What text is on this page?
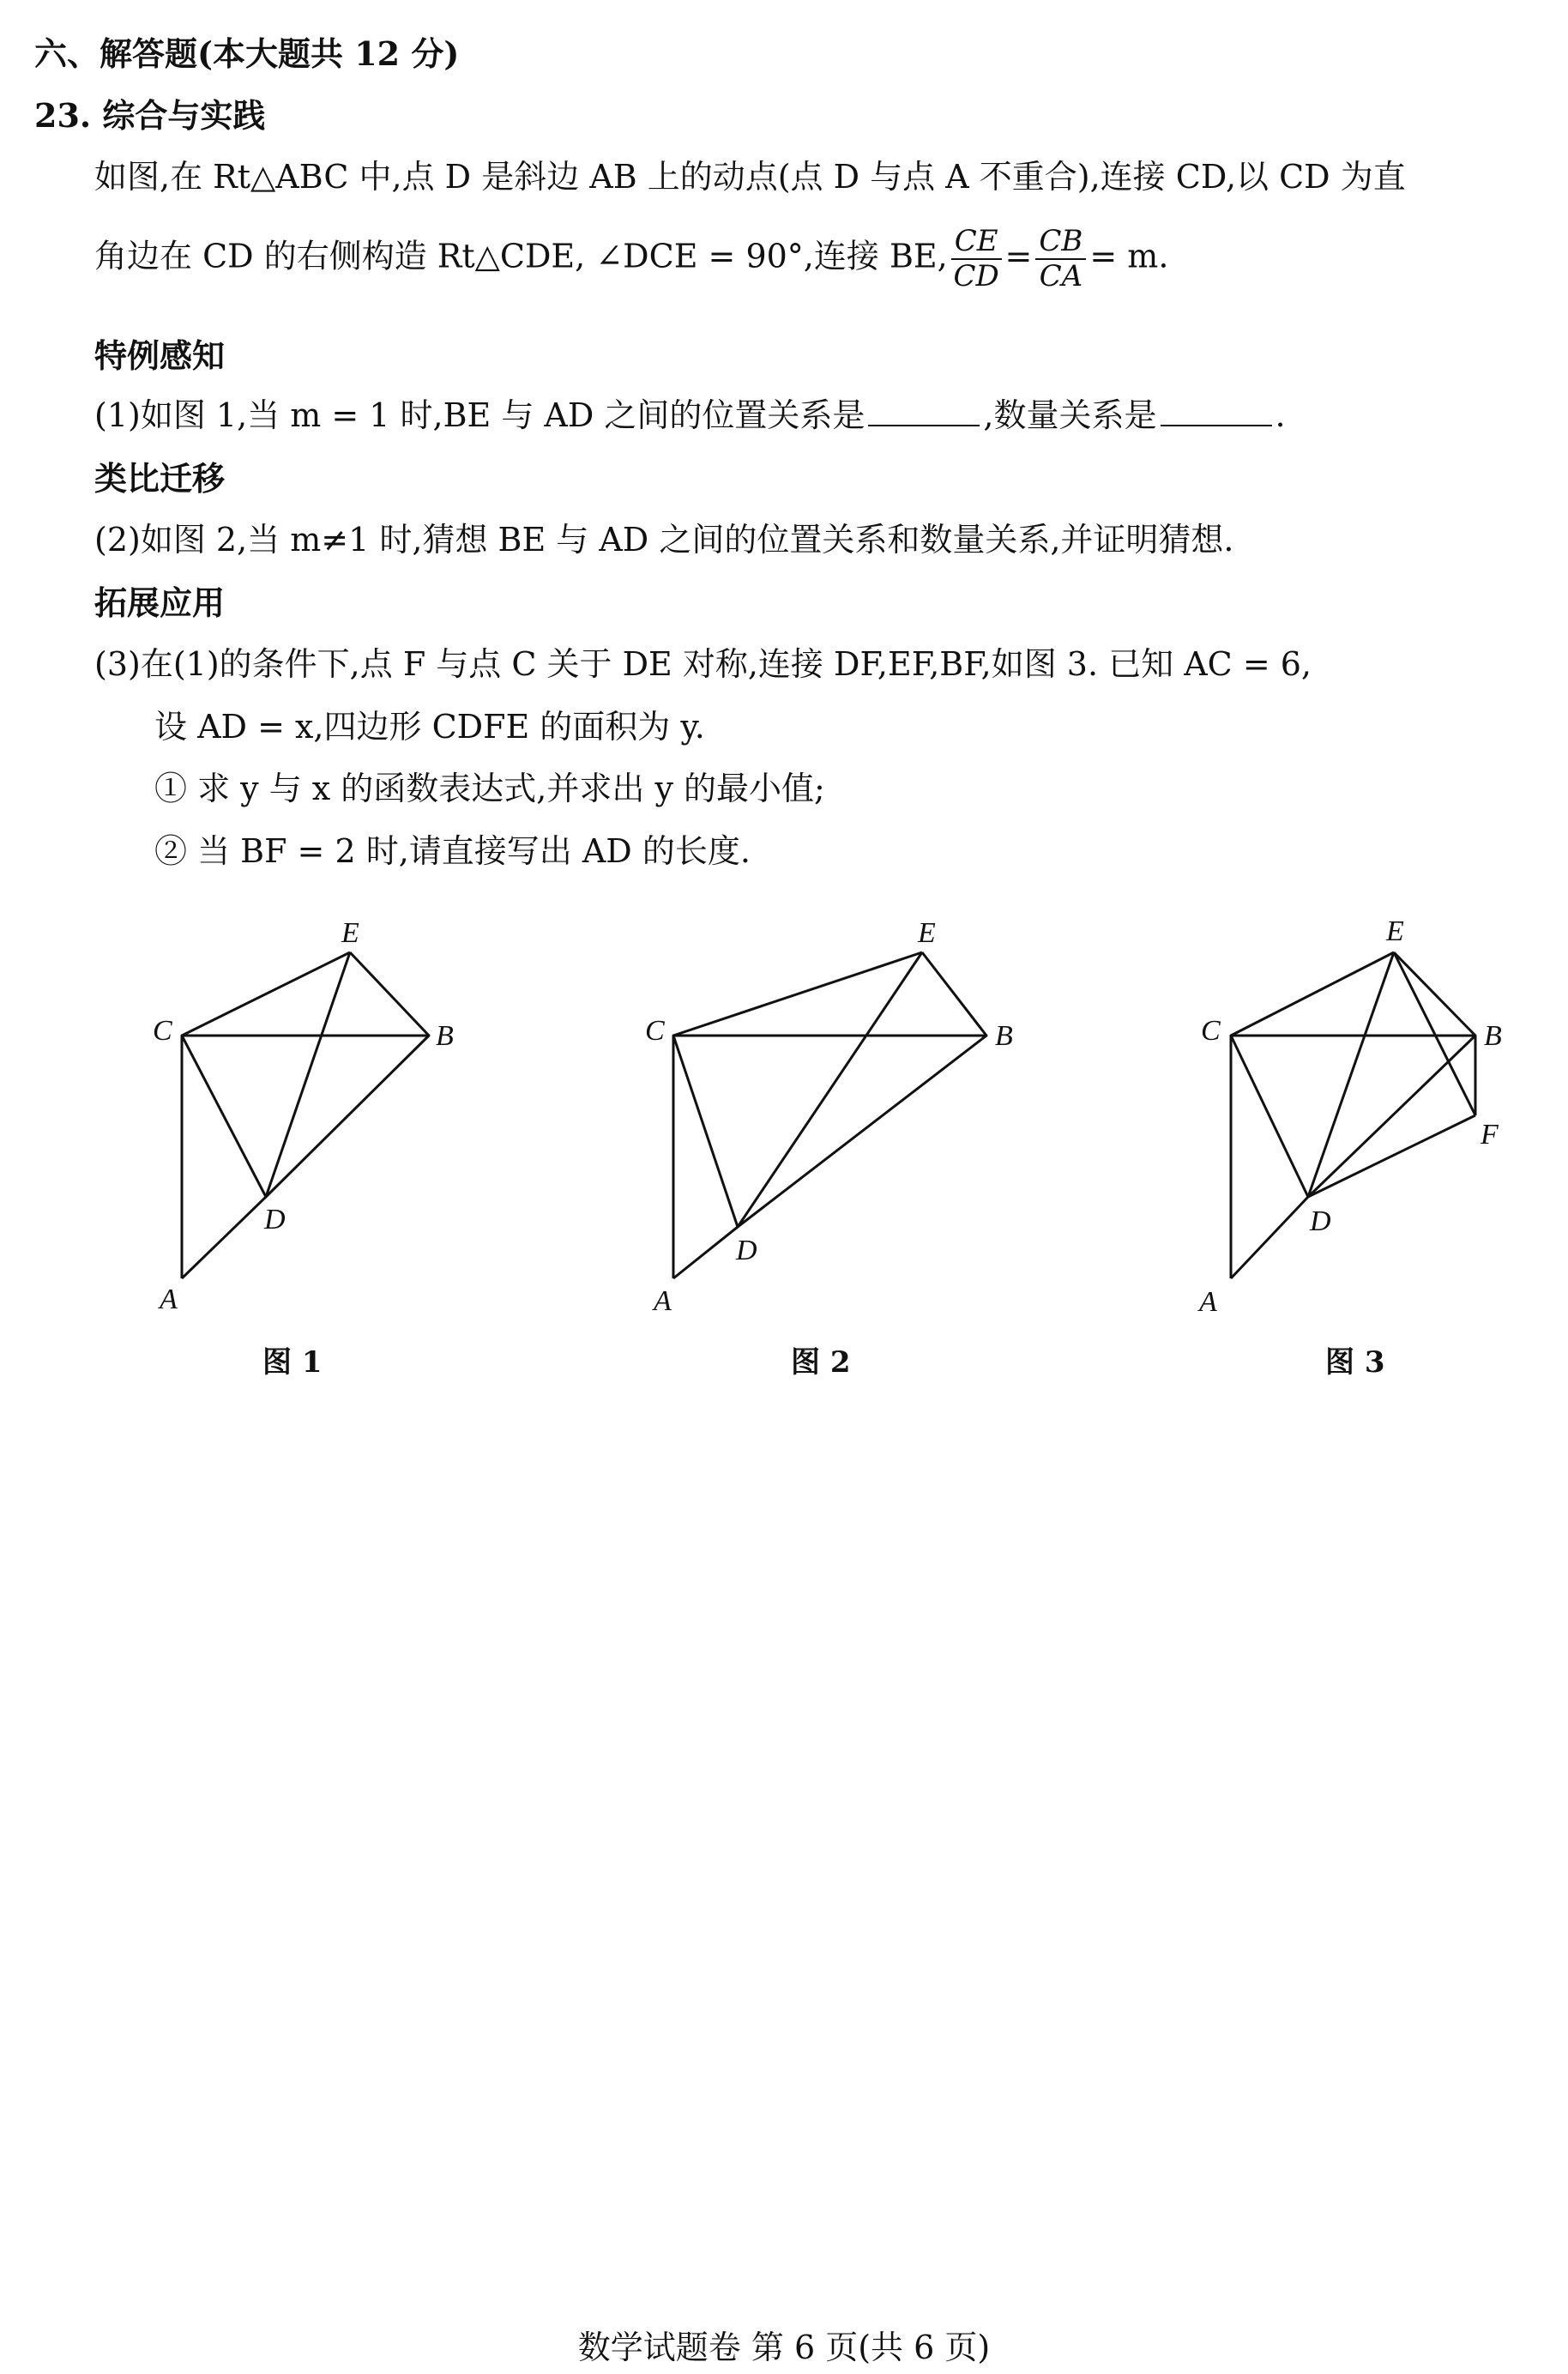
六、解答题(本大题共 12 分)
23. 综合与实践
如图,在 Rt△ABC 中,点 D 是斜边 AB 上的动点(点 D 与点 A 不重合),连接 CD,以 CD 为直
角边在 CD 的右侧构造 Rt△CDE, ∠DCE = 90°,连接 BE, $\frac{CE}{CD} = \frac{CB}{CA} = m$.
特例感知
(1)如图 1,当 m = 1 时,BE 与 AD 之间的位置关系是	,数量关系是	.
类比迁移
(2)如图 2,当 m≠1 时,猜想 BE 与 AD 之间的位置关系和数量关系,并证明猜想.
拓展应用
(3)在(1)的条件下,点 F 与点 C 关于 DE 对称,连接 DF,EF,BF,如图 3. 已知 AC = 6,
设 AD = x,四边形 CDFE 的面积为 y.
① 求 y 与 x 的函数表达式,并求出 y 的最小值;
② 当 BF = 2 时,请直接写出 AD 的长度.
C	B
E
D
A
C	B
E
D
A
C	B
E
D
F
A
图 1	图 2	图 3
数学试题卷 第 6 页(共 6 页)
